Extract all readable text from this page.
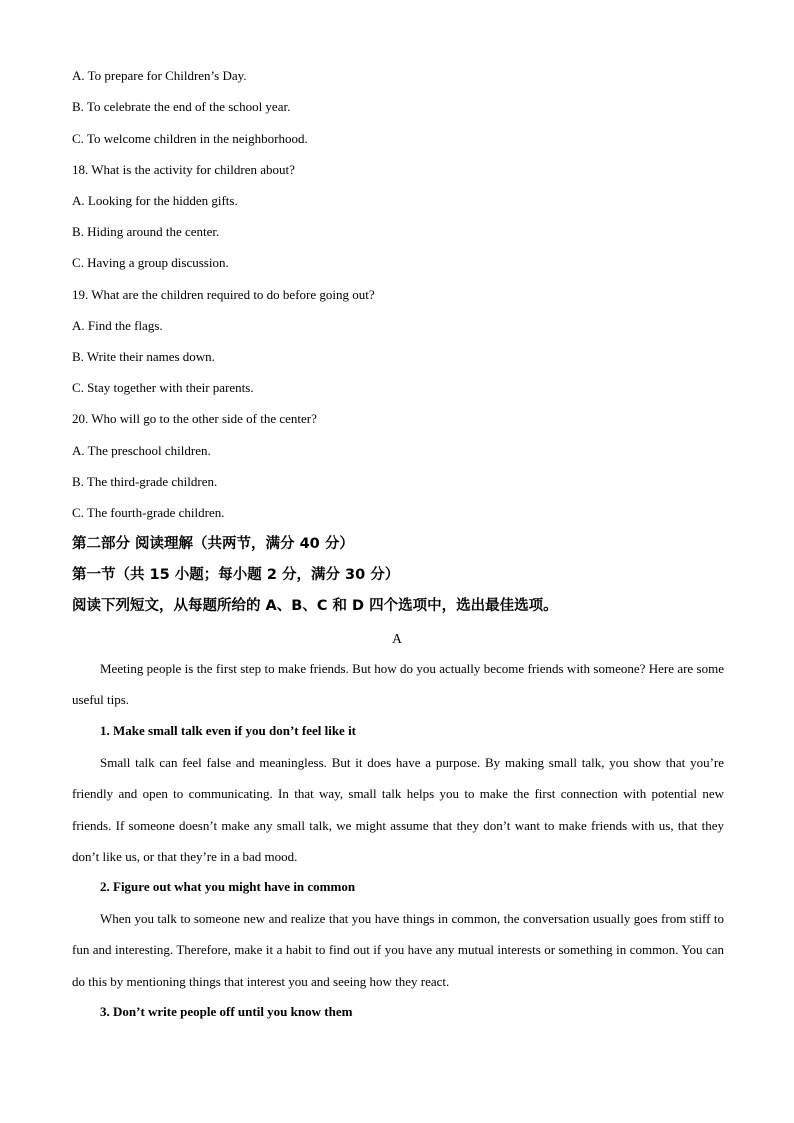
A. To prepare for Children’s Day.
B. To celebrate the end of the school year.
C. To welcome children in the neighborhood.
18. What is the activity for children about?
A. Looking for the hidden gifts.
B. Hiding around the center.
C. Having a group discussion.
19. What are the children required to do before going out?
A. Find the flags.
B. Write their names down.
C. Stay together with their parents.
20. Who will go to the other side of the center?
A. The preschool children.
B. The third-grade children.
C. The fourth-grade children.
第二部分 阅读理解（共两节，满分 40 分）
第一节（共 15 小题；每小题 2 分，满分 30 分）
阅读下列短文，从每题所给的 A、B、C 和 D 四个选项中，选出最佳选项。
A

Meeting people is the first step to make friends. But how do you actually become friends with someone? Here are some useful tips.

1. Make small talk even if you don’t feel like it

Small talk can feel false and meaningless. But it does have a purpose. By making small talk, you show that you’re friendly and open to communicating. In that way, small talk helps you to make the first connection with potential new friends. If someone doesn’t make any small talk, we might assume that they don’t want to make friends with us, that they don’t like us, or that they’re in a bad mood.

2. Figure out what you might have in common

When you talk to someone new and realize that you have things in common, the conversation usually goes from stiff to fun and interesting. Therefore, make it a habit to find out if you have any mutual interests or something in common. You can do this by mentioning things that interest you and seeing how they react.

3. Don’t write people off until you know them
